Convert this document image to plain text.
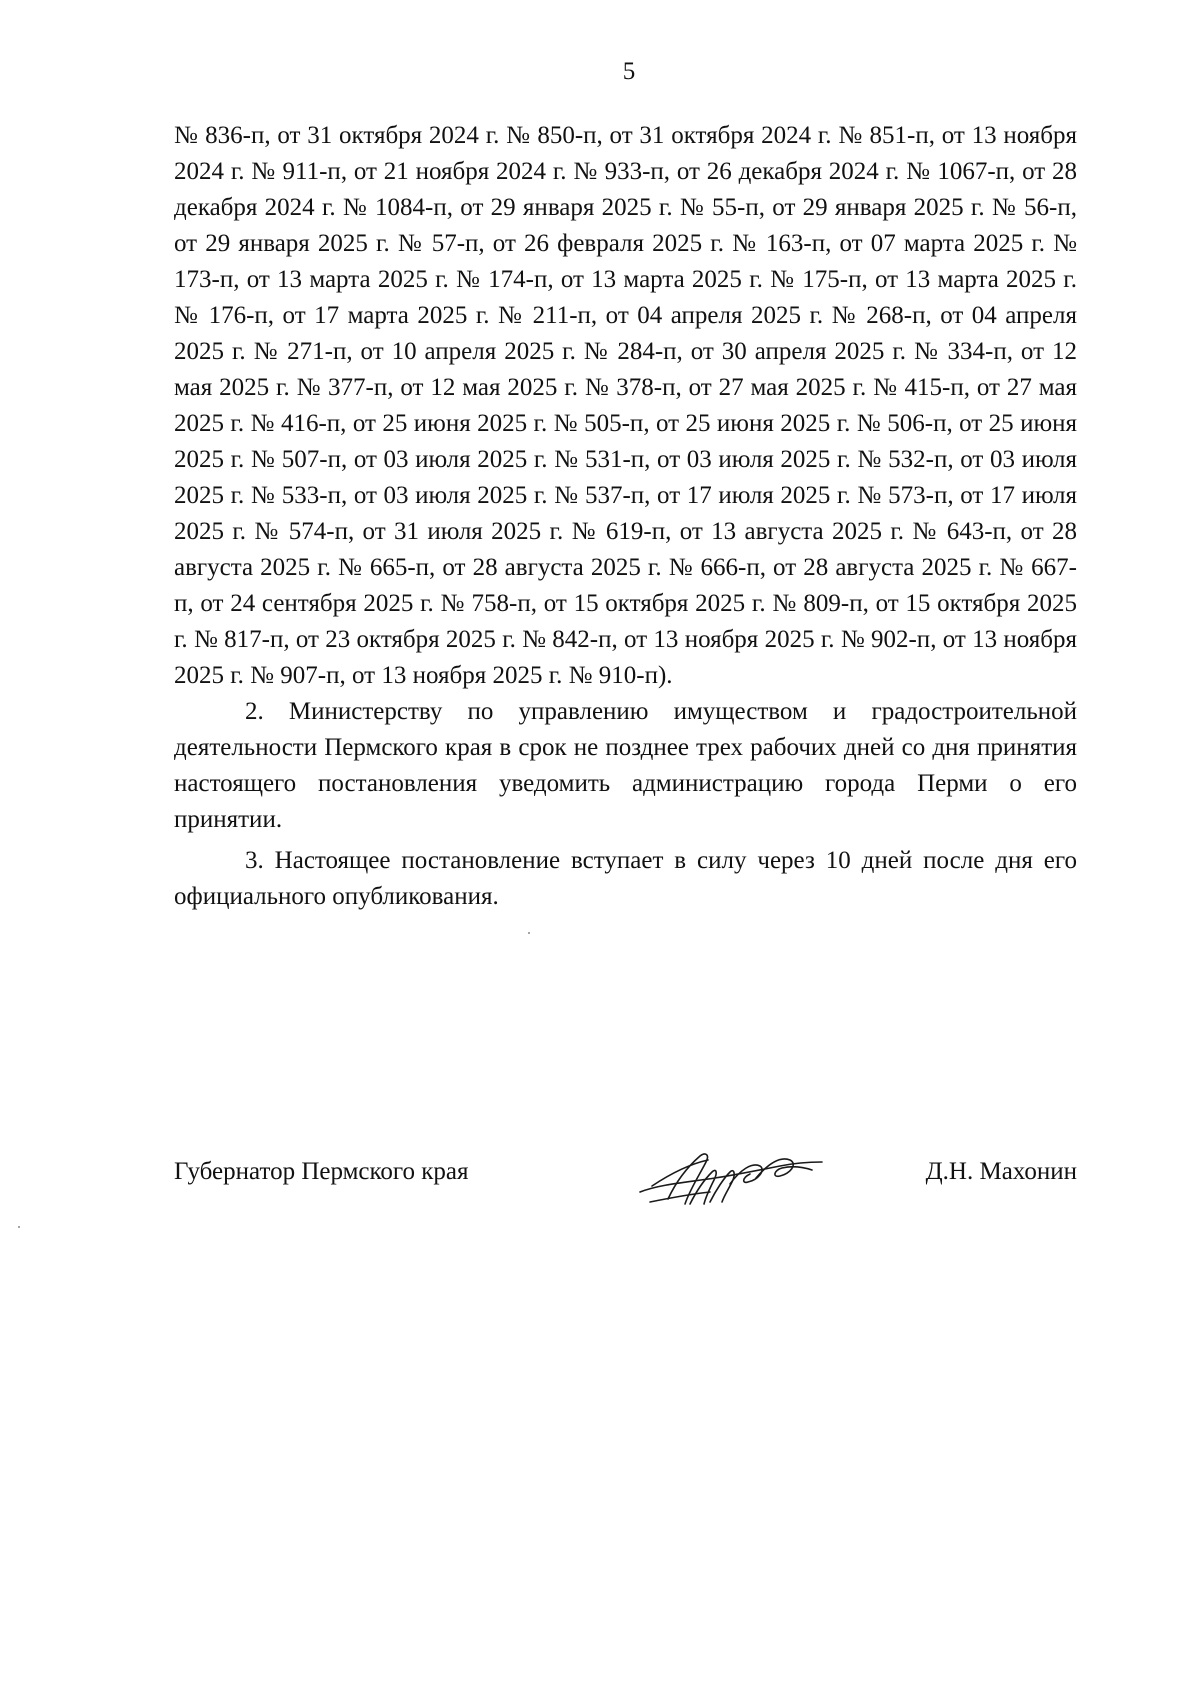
5

№ 836-п, от 31 октября 2024 г. № 850-п, от 31 октября 2024 г. № 851-п, от 13 ноября 2024 г. № 911-п, от 21 ноября 2024 г. № 933-п, от 26 декабря 2024 г. № 1067-п, от 28 декабря 2024 г. № 1084-п, от 29 января 2025 г. № 55-п, от 29 января 2025 г. № 56-п, от 29 января 2025 г. № 57-п, от 26 февраля 2025 г. № 163-п, от 07 марта 2025 г. № 173-п, от 13 марта 2025 г. № 174-п, от 13 марта 2025 г. № 175-п, от 13 марта 2025 г. № 176-п, от 17 марта 2025 г. № 211-п, от 04 апреля 2025 г. № 268-п, от 04 апреля 2025 г. № 271-п, от 10 апреля 2025 г. № 284-п, от 30 апреля 2025 г. № 334-п, от 12 мая 2025 г. № 377-п, от 12 мая 2025 г. № 378-п, от 27 мая 2025 г. № 415-п, от 27 мая 2025 г. № 416-п, от 25 июня 2025 г. № 505-п, от 25 июня 2025 г. № 506-п, от 25 июня 2025 г. № 507-п, от 03 июля 2025 г. № 531-п, от 03 июля 2025 г. № 532-п, от 03 июля 2025 г. № 533-п, от 03 июля 2025 г. № 537-п, от 17 июля 2025 г. № 573-п, от 17 июля 2025 г. № 574-п, от 31 июля 2025 г. № 619-п, от 13 августа 2025 г. № 643-п, от 28 августа 2025 г. № 665-п, от 28 августа 2025 г. № 666-п, от 28 августа 2025 г. № 667-п, от 24 сентября 2025 г. № 758-п, от 15 октября 2025 г. № 809-п, от 15 октября 2025 г. № 817-п, от 23 октября 2025 г. № 842-п, от 13 ноября 2025 г. № 902-п, от 13 ноября 2025 г. № 907-п, от 13 ноября 2025 г. № 910-п).

2. Министерству по управлению имуществом и градостроительной деятельности Пермского края в срок не позднее трех рабочих дней со дня принятия настоящего постановления уведомить администрацию города Перми о его принятии.

3. Настоящее постановление вступает в силу через 10 дней после дня его официального опубликования.

Губернатор Пермского края	Д.Н. Махонин
